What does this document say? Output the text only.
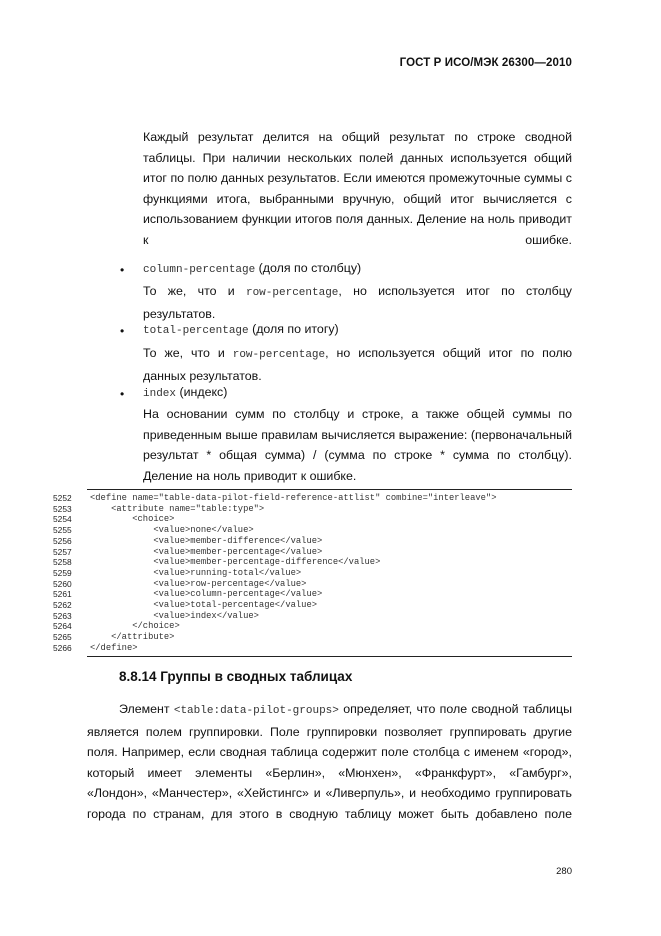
ГОСТ Р ИСО/МЭК 26300—2010
Каждый результат делится на общий результат по строке сводной таблицы. При наличии нескольких полей данных используется общий итог по полю данных результатов. Если имеются промежуточные суммы с функциями итога, выбранными вручную, общий итог вычисляется с использованием функции итогов поля данных. Деление на ноль приводит к ошибке.
• column-percentage (доля по столбцу)
То же, что и row-percentage, но используется итог по столбцу результатов.
• total-percentage (доля по итогу)
То же, что и row-percentage, но используется общий итог по полю данных результатов.
• index (индекс)
На основании сумм по столбцу и строке, а также общей суммы по приведенным выше правилам вычисляется выражение: (первоначальный результат * общая сумма) / (сумма по строке * сумма по столбцу). Деление на ноль приводит к ошибке.
5252	<define name="table-data-pilot-field-reference-attlist" combine="interleave">
5253	<attribute name="table:type">
5254	<choice>
5255	<value>none</value>
5256	<value>member-difference</value>
5257	<value>member-percentage</value>
5258	<value>member-percentage-difference</value>
5259	<value>running-total</value>
5260	<value>row-percentage</value>
5261	<value>column-percentage</value>
5262	<value>total-percentage</value>
5263	<value>index</value>
5264	</choice>
5265	</attribute>
5266	</define>
8.8.14 Группы в сводных таблицах
Элемент <table:data-pilot-groups> определяет, что поле сводной таблицы является полем группировки. Поле группировки позволяет группировать другие поля. Например, если сводная таблица содержит поле столбца с именем «город», который имеет элементы «Берлин», «Мюнхен», «Франкфурт», «Гамбург», «Лондон», «Манчестер», «Хейстингс» и «Ливерпуль», и необходимо группировать города по странам, для этого в сводную таблицу может быть добавлено поле
280
